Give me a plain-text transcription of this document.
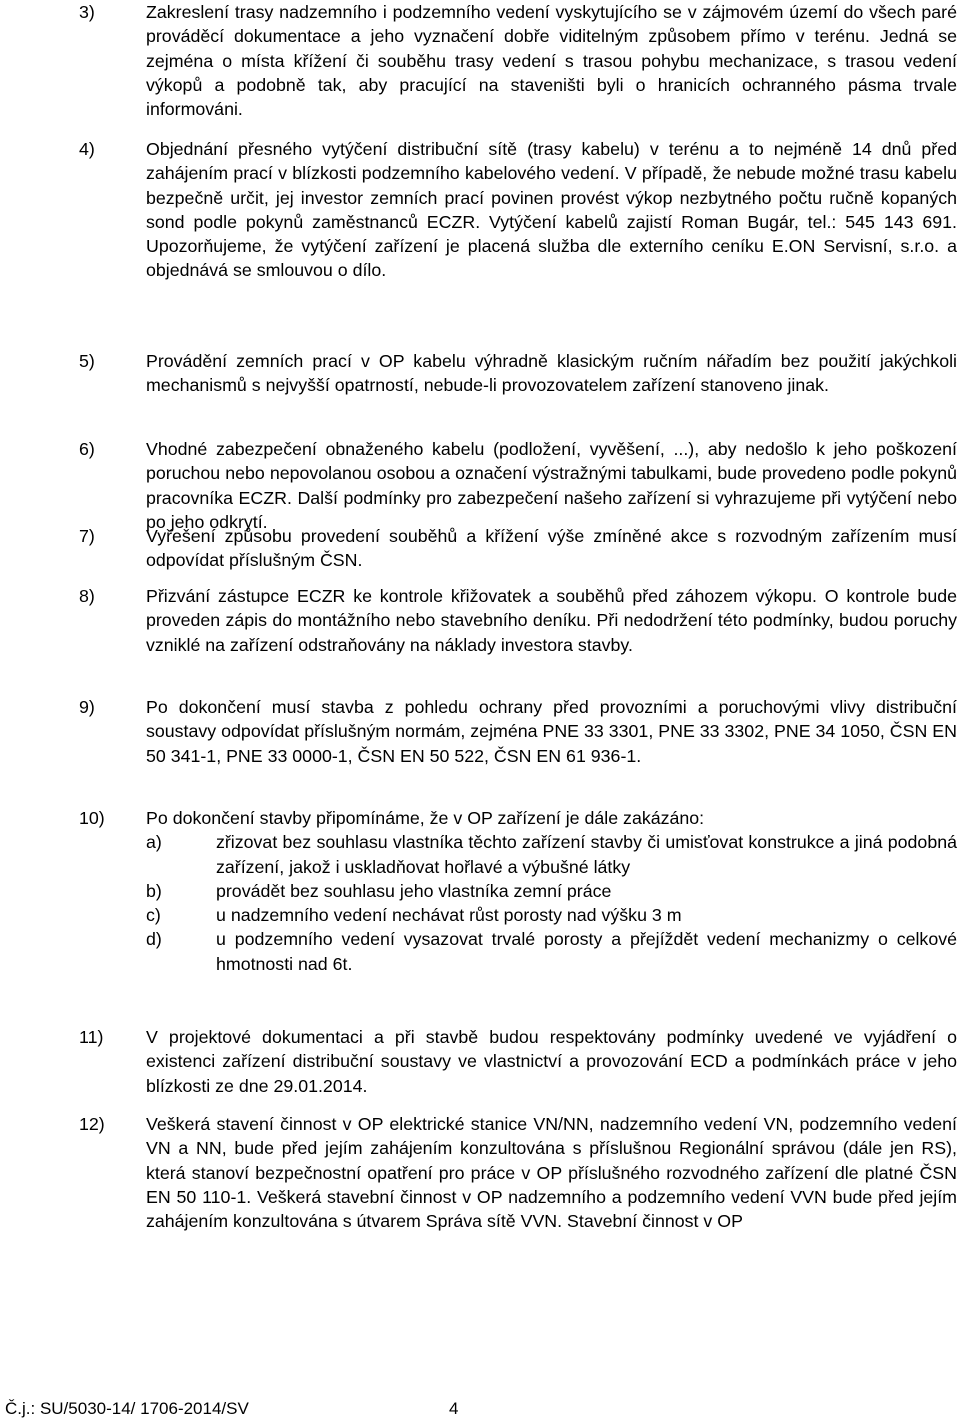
3)	Zakreslení trasy nadzemního i podzemního vedení vyskytujícího se v zájmovém území do všech paré prováděcí dokumentace a jeho vyznačení dobře viditelným způsobem přímo v terénu. Jedná se zejména o místa křížení či souběhu trasy vedení s trasou pohybu mechanizace, s trasou vedení výkopů a podobně tak, aby pracující na staveništi byli o hranicích ochranného pásma trvale informováni.
4)	Objednání přesného vytýčení distribuční sítě (trasy kabelu) v terénu a to nejméně 14 dnů před zahájením prací v blízkosti podzemního kabelového vedení. V případě, že nebude možné trasu kabelu bezpečně určit, jej investor zemních prací povinen provést výkop nezbytného počtu ručně kopaných sond podle pokynů zaměstnanců ECZR. Vytýčení kabelů zajistí Roman Bugár, tel.: 545 143 691. Upozorňujeme, že vytýčení zařízení je placená služba dle externího ceníku E.ON Servisní, s.r.o. a objednává se smlouvou o dílo.
5)	Provádění zemních prací v OP kabelu výhradně klasickým ručním nářadím bez použití jakýchkoli mechanismů s nejvyšší opatrností, nebude-li provozovatelem zařízení stanoveno jinak.
6)	Vhodné zabezpečení obnaženého kabelu (podložení, vyvěšení, ...), aby nedošlo k jeho poškození poruchou nebo nepovolanou osobou a označení výstražnými tabulkami, bude provedeno podle pokynů pracovníka ECZR. Další podmínky pro zabezpečení našeho zařízení si vyhrazujeme při vytýčení nebo po jeho odkrytí.
7)	Vyřešení způsobu provedení souběhů a křížení výše zmíněné akce s rozvodným zařízením musí odpovídat příslušným ČSN.
8)	Přizvání zástupce ECZR ke kontrole křižovatek a souběhů před záhozem výkopu. O kontrole bude proveden zápis do montážního nebo stavebního deníku. Při nedodržení této podmínky, budou poruchy vzniklé na zařízení odstraňovány na náklady investora stavby.
9)	Po dokončení musí stavba z pohledu ochrany před provozními a poruchovými vlivy distribuční soustavy odpovídat příslušným normám, zejména PNE 33 3301, PNE 33 3302, PNE 34 1050, ČSN EN 50 341-1, PNE 33 0000-1, ČSN EN 50 522, ČSN EN 61 936-1.
10) Po dokončení stavby připomínáme, že v OP zařízení je dále zakázáno:
a)	zřizovat bez souhlasu vlastníka těchto zařízení stavby či umisťovat konstrukce a jiná podobná zařízení, jakož i uskladňovat hořlavé a výbušné látky
b)	provádět bez souhlasu jeho vlastníka zemní práce
c)	u nadzemního vedení nechávat růst porosty nad výšku 3 m
d)	u podzemního vedení vysazovat trvalé porosty a přejíždět vedení mechanizmy o celkové hmotnosti nad 6t.
11) V projektové dokumentaci a při stavbě budou respektovány podmínky uvedené ve vyjádření o existenci zařízení distribuční soustavy ve vlastnictví a provozování ECD a podmínkách práce v jeho blízkosti ze dne 29.01.2014.
12) Veškerá stavení činnost v OP elektrické stanice VN/NN, nadzemního vedení VN, podzemního vedení VN a NN, bude před jejím zahájením konzultována s příslušnou Regionální správou (dále jen RS), která stanoví bezpečnostní opatření pro práce v OP příslušného rozvodného zařízení dle platné ČSN EN 50 110-1. Veškerá stavební činnost v OP nadzemního a podzemního vedení VVN bude před jejím zahájením konzultována s útvarem Správa sítě VVN. Stavební činnost v OP
Č.j.: SU/5030-14/ 1706-2014/SV	4
